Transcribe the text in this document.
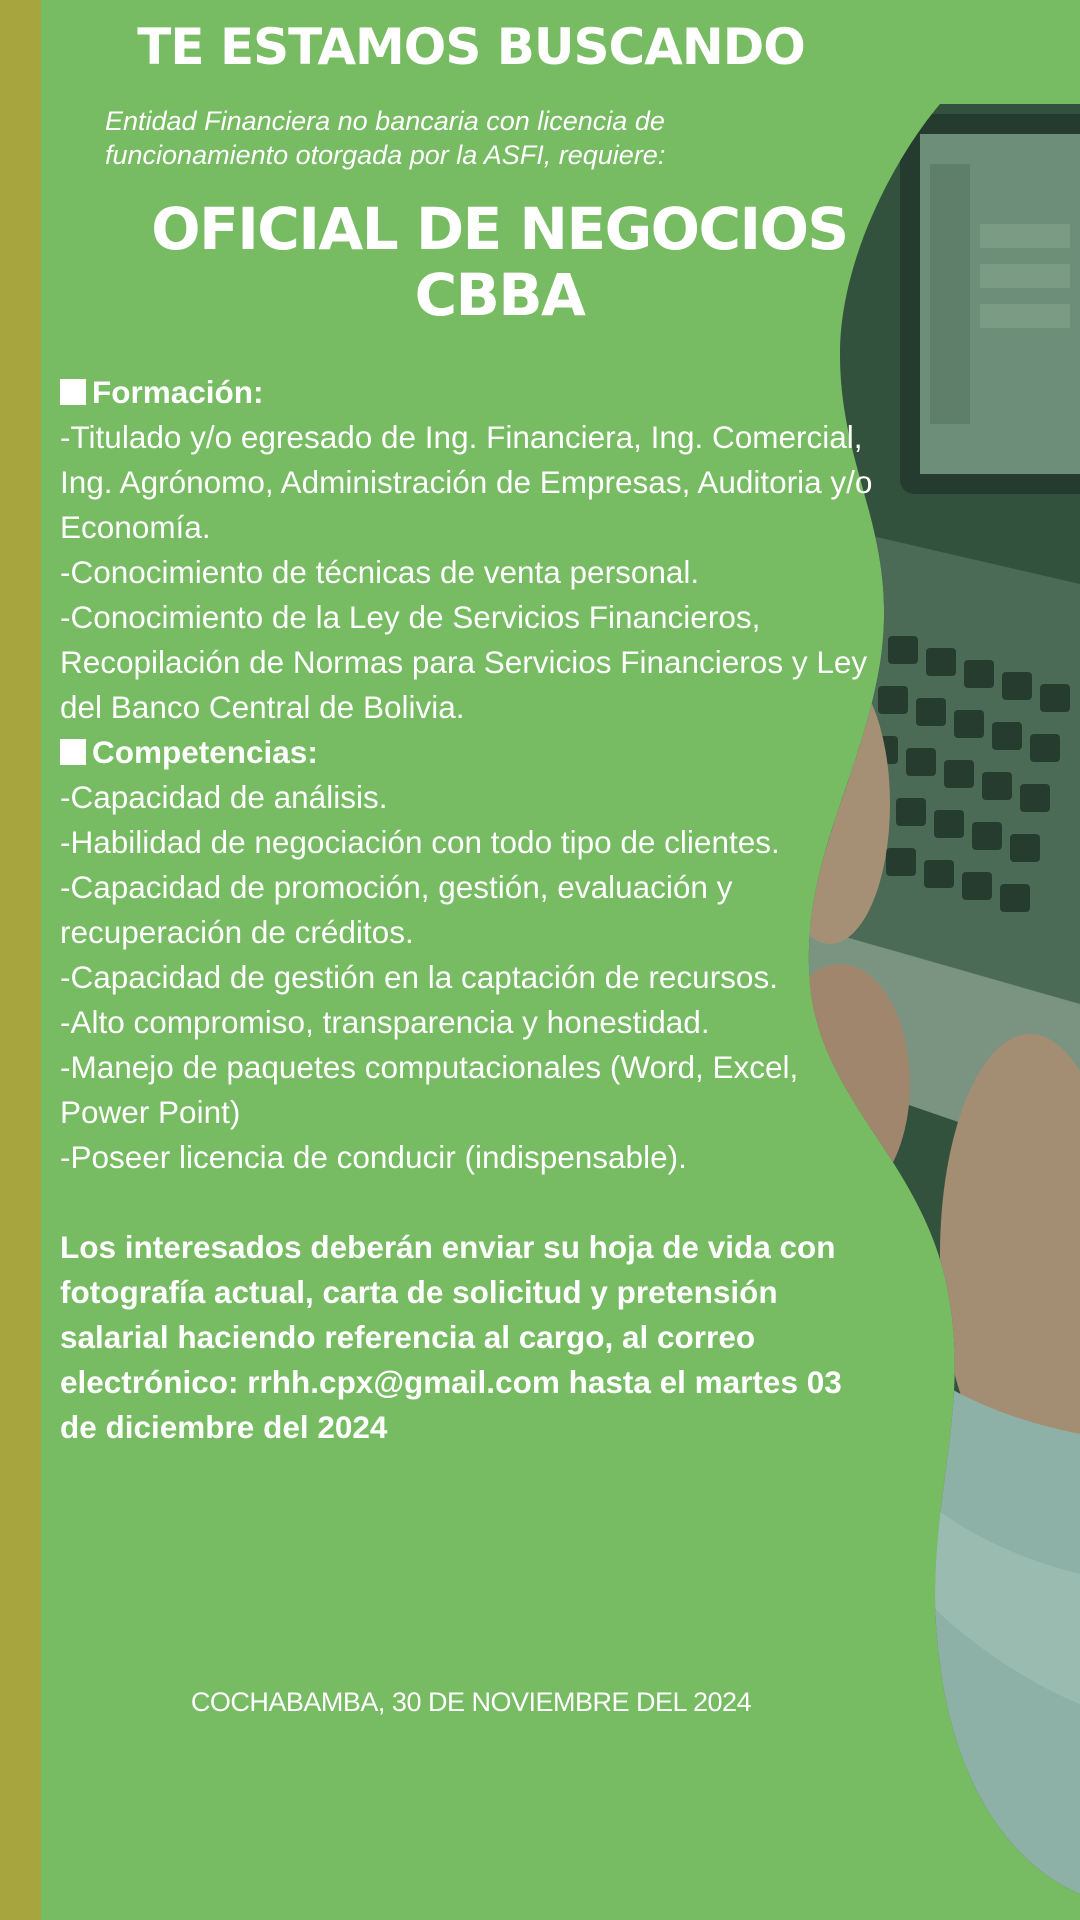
TE ESTAMOS BUSCANDO
Entidad Financiera no bancaria con licencia de
funcionamiento otorgada por la ASFI, requiere:
OFICIAL DE NEGOCIOS
CBBA
Formación:

-Titulado y/o egresado de Ing. Financiera, Ing. Comercial, Ing. Agrónomo, Administración de Empresas, Auditoria y/o Economía.

-Conocimiento de técnicas de venta personal.

-Conocimiento de la Ley de Servicios Financieros, Recopilación de Normas para Servicios Financieros y Ley del Banco Central de Bolivia.

Competencias:

-Capacidad de análisis.

-Habilidad de negociación con todo tipo de clientes.

-Capacidad de promoción, gestión, evaluación y recuperación de créditos.

-Capacidad de gestión en la captación de recursos.

-Alto compromiso, transparencia y honestidad.

-Manejo de paquetes computacionales (Word, Excel, Power Point)

-Poseer licencia de conducir (indispensable).

Los interesados deberán enviar su hoja de vida con fotografía actual, carta de solicitud y pretensión salarial haciendo referencia al cargo, al correo electrónico: rrhh.cpx@gmail.com hasta el martes 03 de diciembre del 2024

COCHABAMBA, 30 DE NOVIEMBRE DEL 2024
